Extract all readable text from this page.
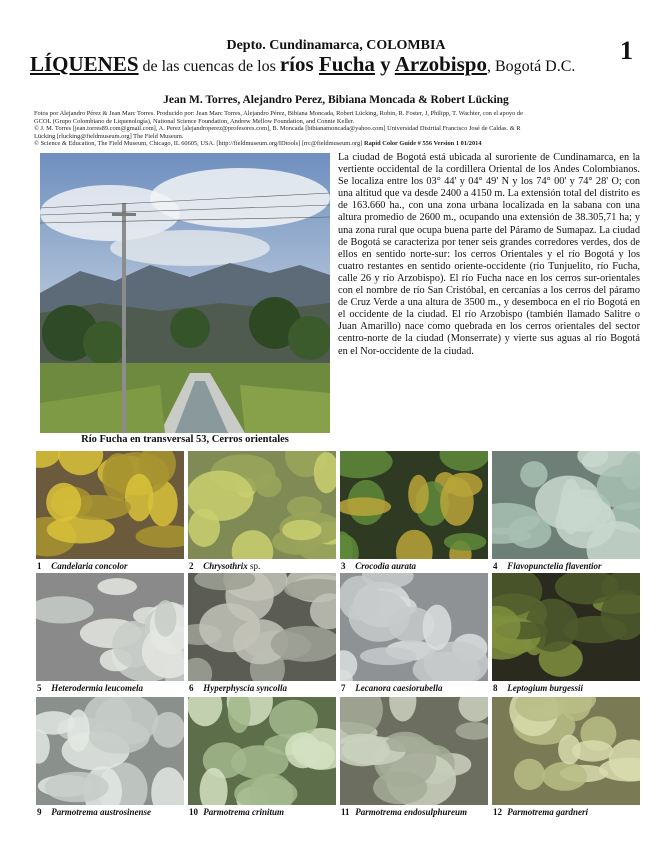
Depto. Cundinamarca, COLOMBIA
LÍQUENES de las cuencas de los ríos Fucha y Arzobispo, Bogotá D.C.
1
Jean M. Torres, Alejandro Perez, Bibiana Moncada & Robert Lücking

Fotos por Alejandro Pérez & Jean Marc Torres. Producido por: Jean Marc Torres, Alejandro Pérez, Bibiana Moncada, Robert Lücking, Robin, R. Foster, J, Philipp, T. Wachter, con el apoyo de

GCOL (Grupo Colombiano de Liquenología), National Science Foundation, Andrew Mellow Foundation, and Connie Keller.

© J. M. Torres [jean.torres89.com@gmail.com], A. Perez [alejandroperez@profesores.com], B. Moncada [bibianamoncada@yahoo.com] Universidad Distrital Francisco José de Caldas. & R

Lücking [rlucking@fieldmuseum.org] The Field Museum.

© Science & Education, The Field Museum, Chicago, IL 60605, USA. [http://fieldmuseum.org/IDtools] [rrc@fieldmuseum.org] Rapid Color Guide # 556 Version 1 01/2014

Río Fucha en transversal 53, Cerros orientales
La ciudad de Bogotá está ubicada al suroriente de Cundinamarca, en la vertiente occidental de la cordillera Oriental de los Andes Colombianos. Se localiza entre los 03° 44' y 04° 49' N y los 74° 00' y 74° 28' O; con una altitud que va desde 2400 a 4150 m. La extensión total del distrito es de 163.660 ha., con una zona urbana localizada en la sabana con una altura promedio de 2600 m., ocupando una extensión de 38.305,71 ha; y una zona rural que ocupa buena parte del Páramo de Sumapaz. La ciudad de Bogotá se caracteriza por tener seis grandes corredores verdes, dos de ellos en sentido norte-sur: los cerros Orientales y el río Bogotá y los cuatro restantes en sentido oriente-occidente (río Tunjuelito, río Fucha, calle 26 y río Arzobispo). El río Fucha nace en los cerros sur-orientales con el nombre de río San Cristóbal, en cercanías a los cerros del páramo de Cruz Verde a una altura de 3500 m., y desemboca en el río Bogotá en el occidente de la ciudad. El río Arzobispo (también llamado Salitre o Juan Amarillo) nace como quebrada en los cerros orientales del sector centro-norte de la ciudad (Monserrate) y vierte sus aguas al río Bogotá en el Nor-occidente de la ciudad.
1 Candelaria concolor	2 Chrysothrix sp.	3 Crocodia aurata	4 Flavopunctelia flaventior
5 Heterodermia leucomela	6 Hyperphyscia syncolla	7 Lecanora caesiorubella	8 Leptogium burgessii
9 Parmotrema austrosinense	10 Parmotrema crinitum	11 Parmotrema endosulphureum	12 Parmotrema gardneri
